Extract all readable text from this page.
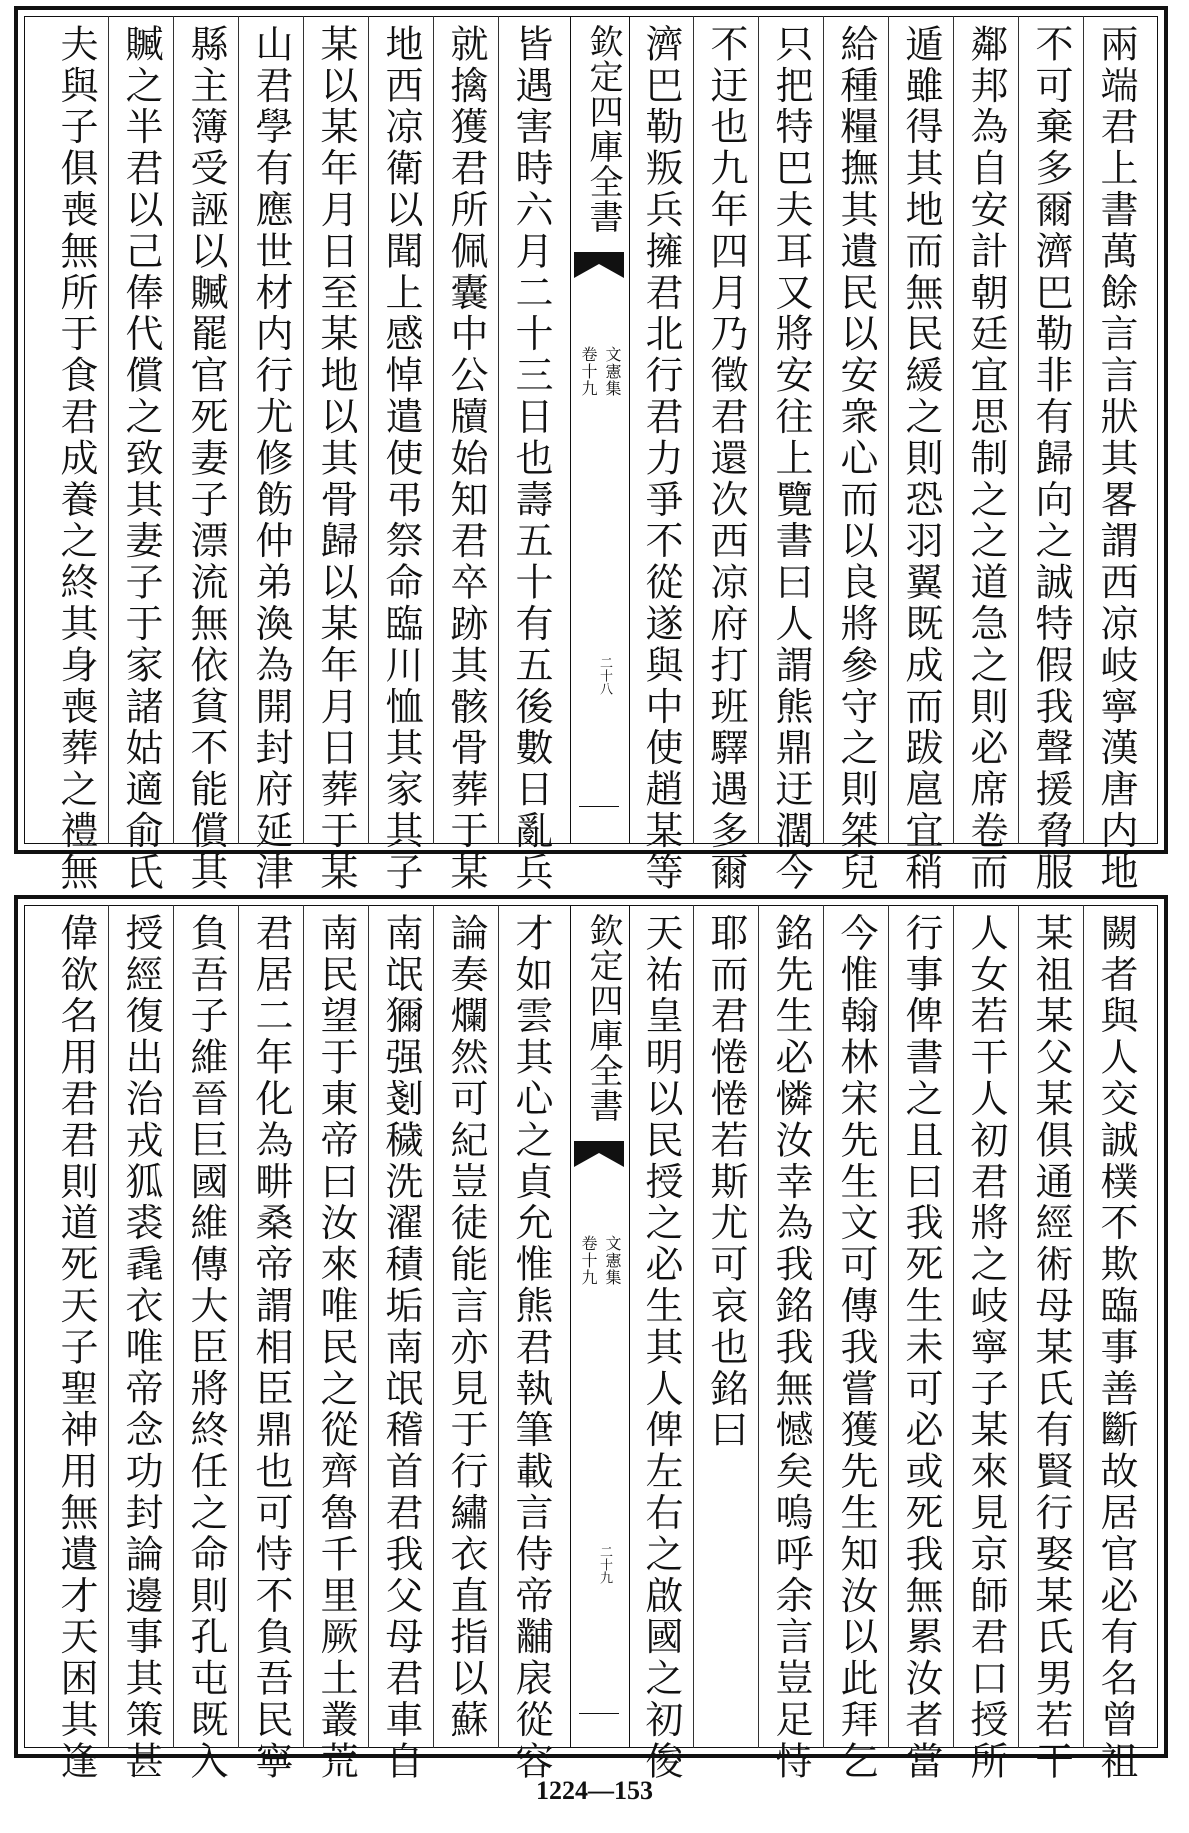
兩端君上書萬餘言言狀其畧謂西凉岐寧漢唐内地
不可棄多爾濟巴勒非有歸向之誠特假我聲援脅服
鄰邦為自安計朝廷宜思制之之道急之則必席卷而
遁雖得其地而無民緩之則恐羽翼既成而跋扈宜稍
給種糧撫其遺民以安衆心而以良將參守之則桀兒
只把特巴夫耳又將安往上覽書曰人謂熊鼎迂濶今
不迂也九年四月乃徵君還次西凉府打班驛遇多爾
濟巴勒叛兵擁君北行君力爭不從遂與中使趙某等
欽定四庫全書
文憲集
卷十九
二十八
皆遇害時六月二十三日也壽五十有五後數日亂兵
就擒獲君所佩囊中公牘始知君卒跡其骸骨葬于某
地西凉衛以聞上感悼遣使弔祭命臨川恤其家其子
某以某年月日至某地以其骨歸以某年月日葬于某
山君學有應世材内行尤修飭仲弟渙為開封府延津
縣主簿受誣以贓罷官死妻子漂流無依貧不能償其
贓之半君以己俸代償之致其妻子于家諸姑適俞氏
夫與子俱喪無所于食君成養之終其身喪葬之禮無
闕者與人交誠樸不欺臨事善斷故居官必有名曾祖
某祖某父某俱通經術母某氏有賢行娶某氏男若干
人女若干人初君將之岐寧子某來見京師君口授所
行事俾書之且曰我死生未可必或死我無累汝者當
今惟翰林宋先生文可傳我嘗獲先生知汝以此拜乞
銘先生必憐汝幸為我銘我無憾矣嗚呼余言豈足恃
耶而君惓惓若斯尤可哀也銘曰
天祐皇明以民授之必生其人俾左右之啟國之初俊
欽定四庫全書
文憲集
卷十九
二十九
才如雲其心之貞允惟熊君執筆載言侍帝黼扆從容
論奏爛然可紀豈徒能言亦見于行繡衣直指以蘇
南氓獮强剗穢洗濯積垢南氓稽首君我父母君車自
南民望于東帝曰汝來唯民之從齊魯千里厥土叢荒
君居二年化為畊桑帝謂相臣鼎也可恃不負吾民寧
負吾子維晉巨國維傳大臣將終任之命則孔屯既入
授經復出治戎狐裘毳衣唯帝念功封論邊事其策甚
偉欲名用君君則道死天子聖神用無遺才天困其逢
1224—153
